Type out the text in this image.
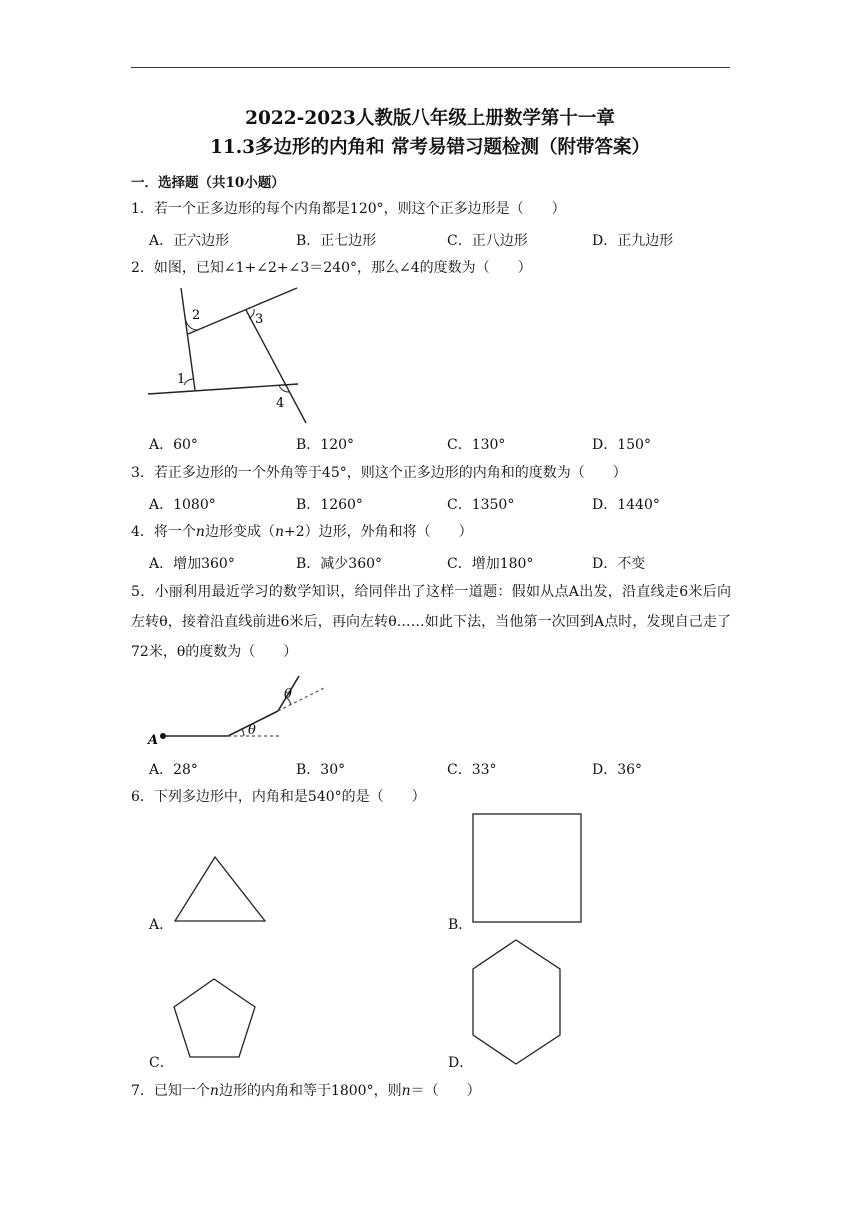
2022-2023人教版八年级上册数学第十一章
11.3多边形的内角和 常考易错习题检测（附带答案）
一．选择题（共10小题）
1．若一个正多边形的每个内角都是120°，则这个正多边形是（　　）
A．正六边形	B．正七边形	C．正八边形	D．正九边形
2．如图，已知∠1+∠2+∠3＝240°，那么∠4的度数为（　　）
1
2	3
4
A．60°	B．120°	C．130°	D．150°
3．若正多边形的一个外角等于45°，则这个正多边形的内角和的度数为（　　）
A．1080°	B．1260°	C．1350°	D．1440°
4．将一个n边形变成（n+2）边形，外角和将（　　）
A．增加360°	B．减少360°	C．增加180°	D．不变
5．小丽利用最近学习的数学知识，给同伴出了这样一道题：假如从点A出发，沿直线走6米后向左转θ，接着沿直线前进6米后，再向左转θ……如此下法，当他第一次回到A点时，发现自己走了72米，θ的度数为（　　）
A
θ
θ
A．28°	B．30°	C．33°	D．36°
6．下列多边形中，内角和是540°的是（　　）
A．	B．
C．	D．
7．已知一个n边形的内角和等于1800°，则n＝（　　）
